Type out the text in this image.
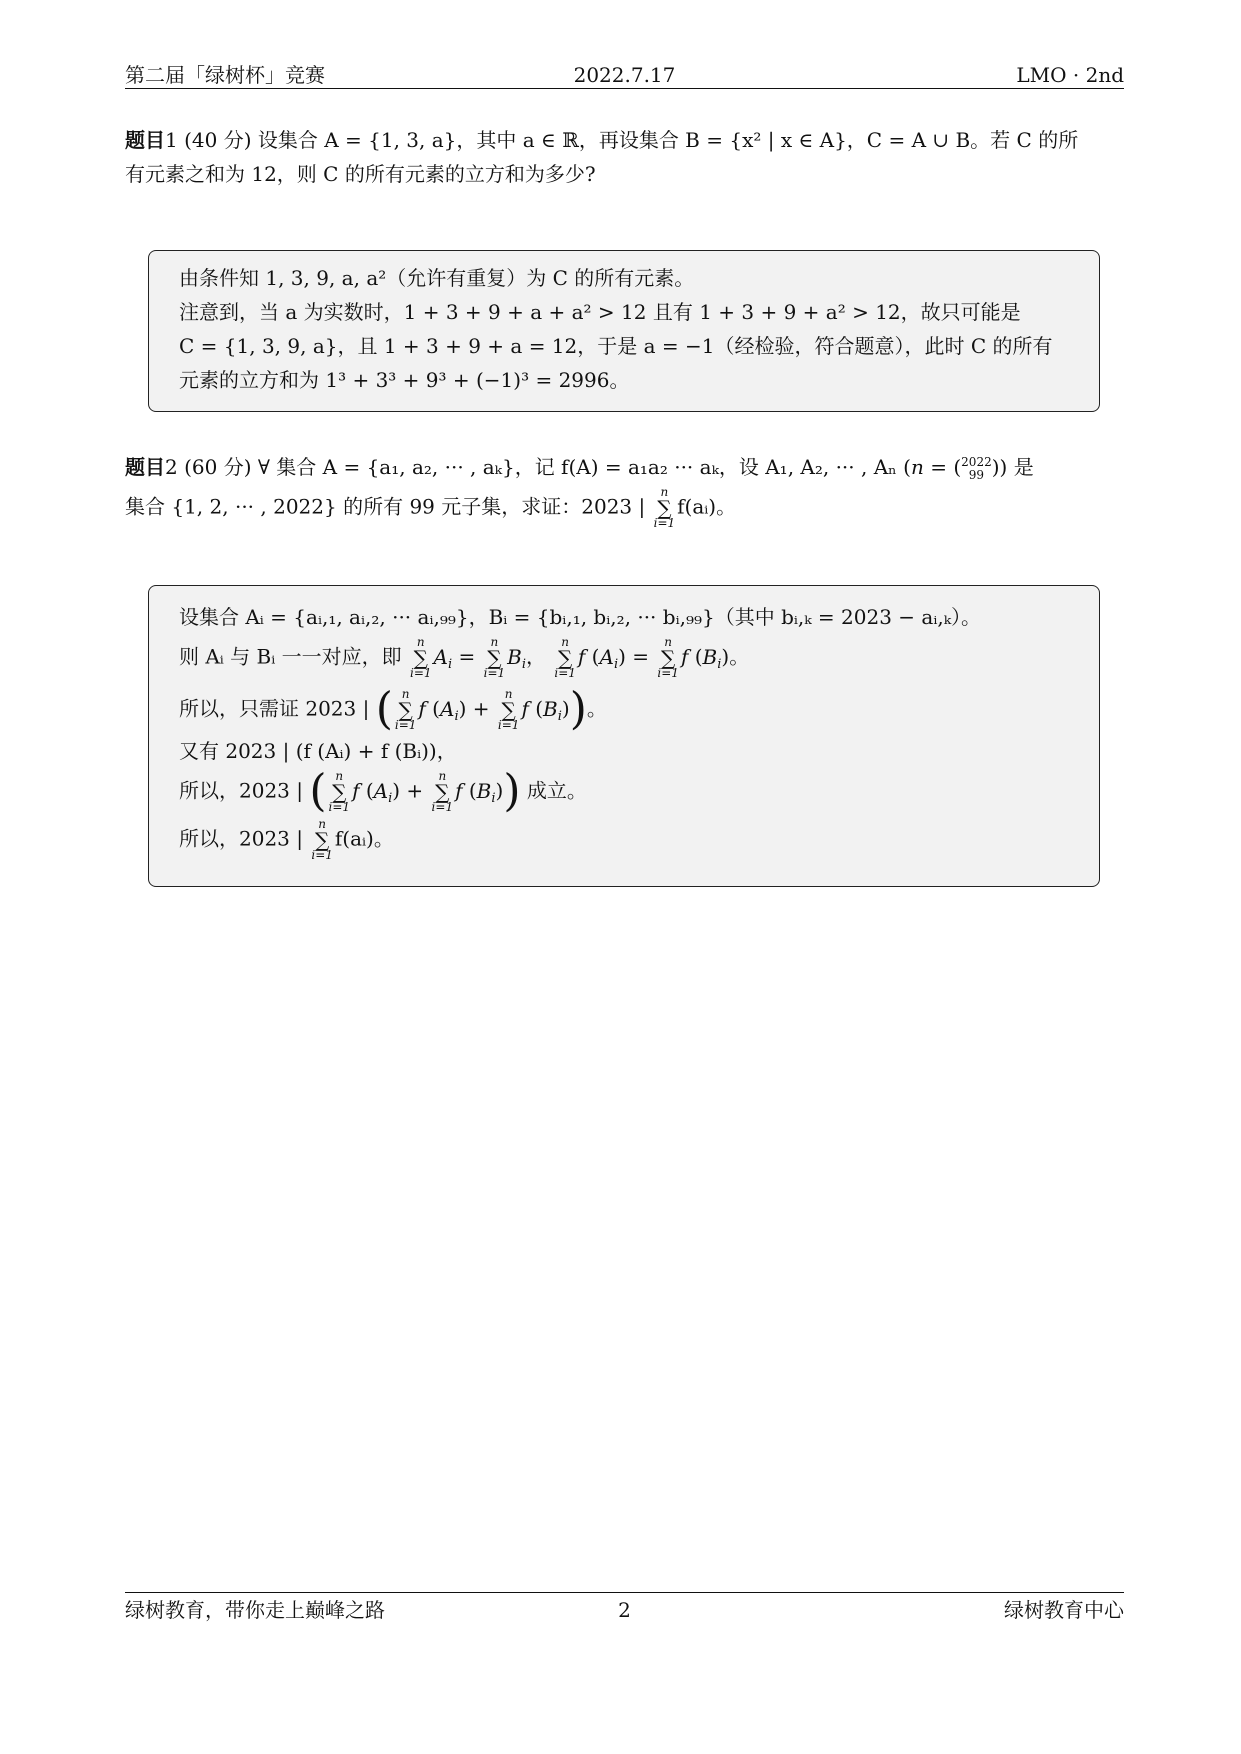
第二届「绿树杯」竞赛	2022.7.17	LMO · 2nd
题目1 (40 分) 设集合 A = {1, 3, a}，其中 a ∈ ℝ，再设集合 B = {x² | x ∈ A}，C = A ∪ B。若 C 的所
有元素之和为 12，则 C 的所有元素的立方和为多少?
由条件知 1, 3, 9, a, a²（允许有重复）为 C 的所有元素。
注意到，当 a 为实数时，1 + 3 + 9 + a + a² > 12 且有 1 + 3 + 9 + a² > 12，故只可能是
C = {1, 3, 9, a}，且 1 + 3 + 9 + a = 12，于是 a = −1（经检验，符合题意），此时 C 的所有
元素的立方和为 1³ + 3³ + 9³ + (−1)³ = 2996。
题目2 (60 分) ∀ 集合 A = {a₁, a₂, ··· , aₖ}，记 f(A) = a₁a₂ ··· aₖ，设 A₁, A₂, ··· , Aₙ (n = ( 2022
99 )) 是
集合 {1, 2, ··· , 2022} 的所有 99 元子集，求证：2023 |
n
∑
i=1
f(aᵢ)。
设集合 Aᵢ = {aᵢ,₁, aᵢ,₂, ··· aᵢ,₉₉}，Bᵢ = {bᵢ,₁, bᵢ,₂, ··· bᵢ,₉₉}（其中 bᵢ,ₖ = 2023 − aᵢ,ₖ）。
则 Aᵢ 与 Bᵢ 一一对应，即
n
∑
i=1
$A_i$ =
n
∑
i=1
$B_i$，
n
∑
i=1
f $(A_i)$ =
n
∑
i=1
f $(B_i)$。
所以，只需证 2023 | ( n
∑
i=1
f $(A_i)$ +
n
∑
i=1
f $(B_i)$)。
又有 2023 | (f (Aᵢ) + f (Bᵢ))，
所以，2023 | ( n
∑
i=1
f $(A_i)$ +
n
∑
i=1
f $(B_i)$) 成立。
所以，2023 |
n
∑
i=1
f(aᵢ)。
绿树教育，带你走上巅峰之路	2	绿树教育中心
